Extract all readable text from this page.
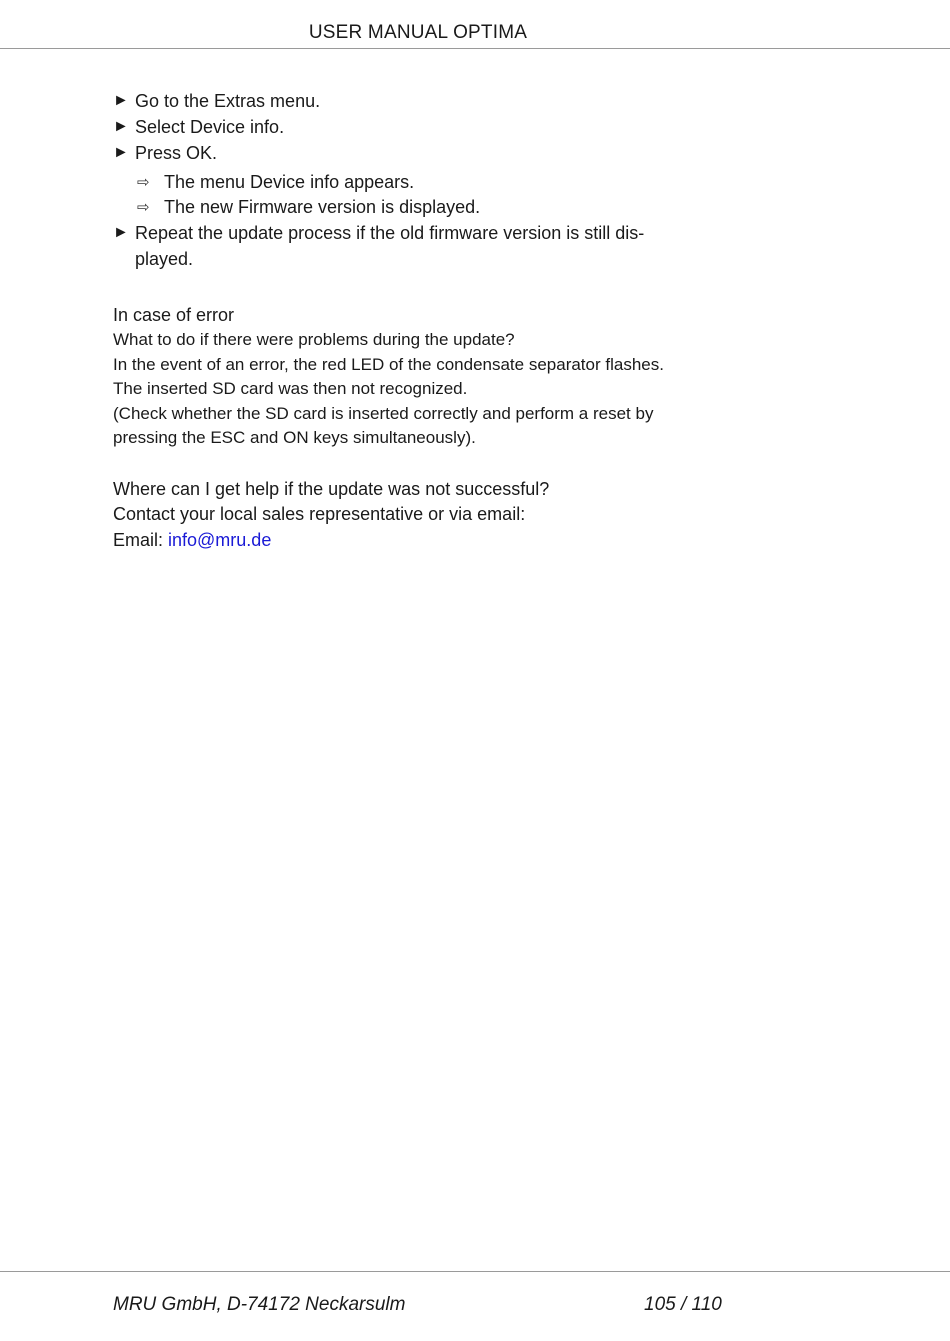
USER MANUAL OPTIMA
► Go to the Extras menu.
► Select Device info.
► Press OK.
⇨ The menu Device info appears.
⇨ The new Firmware version is displayed.
► Repeat the update process if the old firmware version is still dis-
played.
In case of error
What to do if there were problems during the update?
In the event of an error, the red LED of the condensate separator flashes.
The inserted SD card was then not recognized.
(Check whether the SD card is inserted correctly and perform a reset by
pressing the ESC and ON keys simultaneously).
Where can I get help if the update was not successful?
Contact your local sales representative or via email:
Email: info@mru.de
MRU GmbH, D-74172 Neckarsulm	105 / 110
